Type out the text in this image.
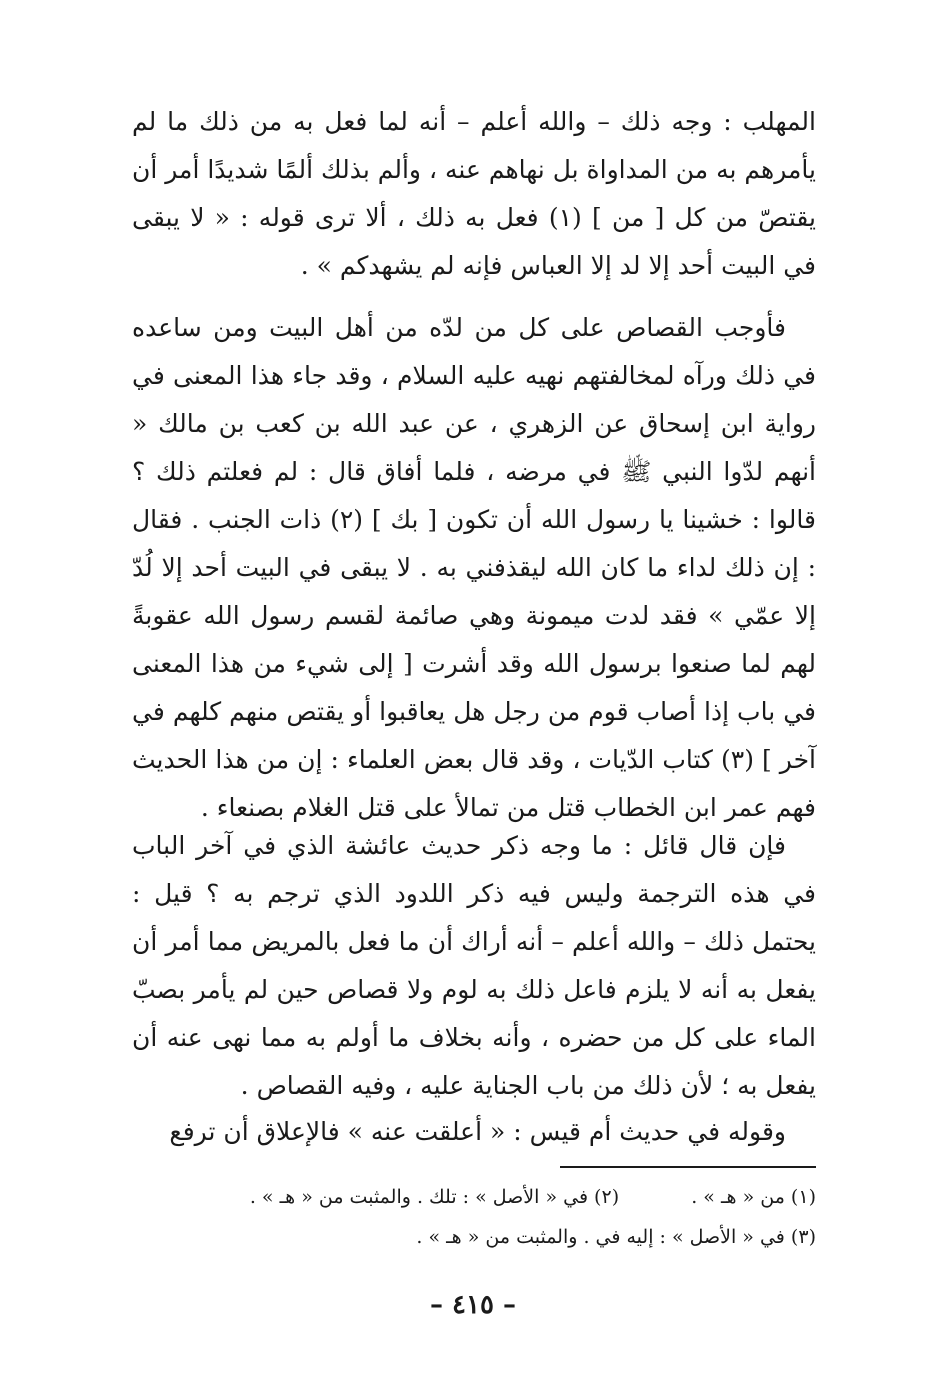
المهلب : وجه ذلك – والله أعلم – أنه لما فعل به من ذلك ما لم يأمرهم به من المداواة بل نهاهم عنه ، وألم بذلك ألمًا شديدًا أمر أن يقتصّ من كل [ من ] (١) فعل به ذلك ، ألا ترى قوله : « لا يبقى في البيت أحد إلا لد إلا العباس فإنه لم يشهدكم » .

فأوجب القصاص على كل من لدّه من أهل البيت ومن ساعده في ذلك ورآه لمخالفتهم نهيه عليه السلام ، وقد جاء هذا المعنى في رواية ابن إسحاق عن الزهري ، عن عبد الله بن كعب بن مالك « أنهم لدّوا النبي ﷺ في مرضه ، فلما أفاق قال : لم فعلتم ذلك ؟ قالوا : خشينا يا رسول الله أن تكون [ بك ] (٢) ذات الجنب . فقال : إن ذلك لداء ما كان الله ليقذفني به . لا يبقى في البيت أحد إلا لُدّ إلا عمّي » فقد لدت ميمونة وهي صائمة لقسم رسول الله عقوبةً لهم لما صنعوا برسول الله وقد أشرت [ إلى شيء من هذا المعنى في باب إذا أصاب قوم من رجل هل يعاقبوا أو يقتص منهم كلهم في آخر ] (٣) كتاب الدّيات ، وقد قال بعض العلماء : إن من هذا الحديث فهم عمر ابن الخطاب قتل من تمالأ على قتل الغلام بصنعاء .

فإن قال قائل : ما وجه ذكر حديث عائشة الذي في آخر الباب في هذه الترجمة وليس فيه ذكر اللدود الذي ترجم به ؟ قيل : يحتمل ذلك – والله أعلم – أنه أراك أن ما فعل بالمريض مما أمر أن يفعل به أنه لا يلزم فاعل ذلك به لوم ولا قصاص حين لم يأمر بصبّ الماء على كل من حضره ، وأنه بخلاف ما أولم به مما نهى عنه أن يفعل به ؛ لأن ذلك من باب الجناية عليه ، وفيه القصاص .

وقوله في حديث أم قيس : « أعلقت عنه » فالإعلاق أن ترفع

(١) من « هـ » .  (٢) في « الأصل » : تلك . والمثبت من « هـ » .
(٣) في « الأصل » : إليه في . والمثبت من « هـ » .
– ٤١٥ –
